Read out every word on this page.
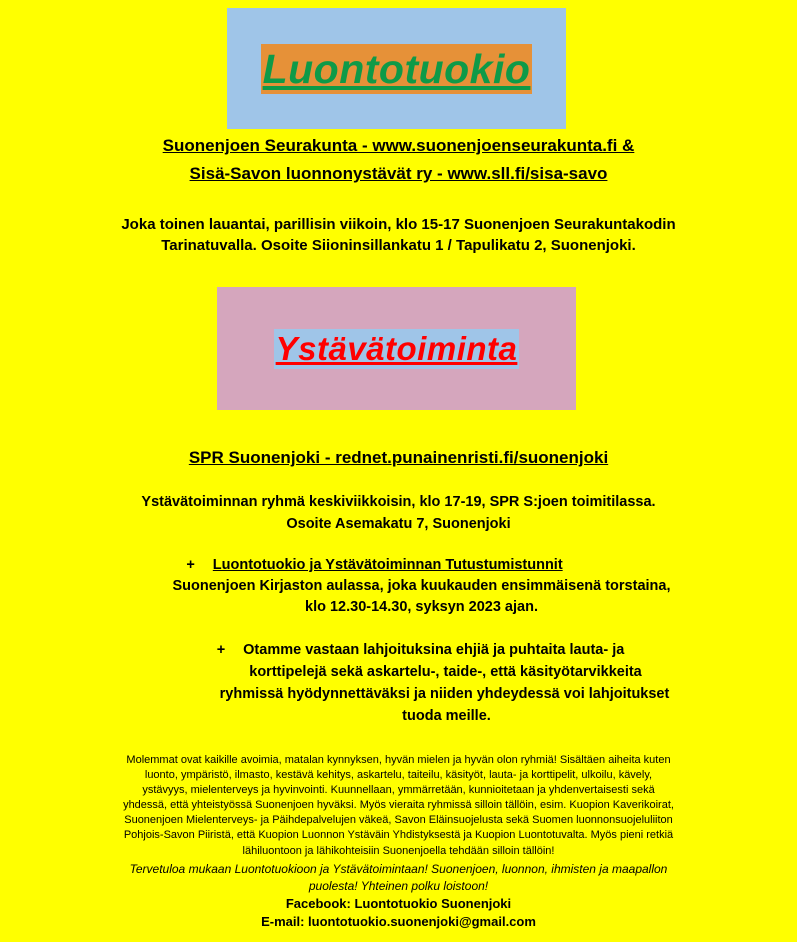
Luontotuokio
Suonenjoen Seurakunta - www.suonenjoenseurakunta.fi &
Sisä-Savon luonnonystävät ry - www.sll.fi/sisa-savo
Joka toinen lauantai, parillisin viikoin, klo 15-17 Suonenjoen Seurakuntakodin
Tarinatuvalla. Osoite Siioninsillankatu 1 / Tapulikatu 2, Suonenjoki.
Ystävätoiminta
SPR Suonenjoki - rednet.punainenristi.fi/suonenjoki
Ystävätoiminnan ryhmä keskiviikkoisin, klo 17-19, SPR S:joen toimitilassa.
Osoite Asemakatu 7, Suonenjoki
+ Luontotuokio ja Ystävätoiminnan Tutustumistunnit
Suonenjoen Kirjaston aulassa, joka kuukauden ensimmäisenä torstaina,
klo 12.30-14.30, syksyn 2023 ajan.
+ Otamme vastaan lahjoituksina ehjiä ja puhtaita lauta- ja
korttipelejä sekä askartelu-, taide-, että käsityötarvikkeita
ryhmissä hyödynnettäväksi ja niiden yhdeydessä voi lahjoitukset
tuoda meille.
Molemmat ovat kaikille avoimia, matalan kynnyksen, hyvän mielen ja hyvän olon ryhmiä! Sisältäen aiheita kuten
luonto, ympäristö, ilmasto, kestävä kehitys, askartelu, taiteilu, käsityöt, lauta- ja korttipelit, ulkoilu, kävely,
ystävyys, mielenterveys ja hyvinvointi. Kuunnellaan, ymmärretään, kunnioitetaan ja yhdenvertaisesti sekä
yhdessä, että yhteistyössä Suonenjoen hyväksi. Myös vieraita ryhmissä silloin tällöin, esim. Kuopion Kaverikoirat,
Suonenjoen Mielenterveys- ja Päihdepalvelujen väkeä, Savon Eläinsuojelusta sekä Suomen luonnonsuojeluliiton
Pohjois-Savon Piiristä, että Kuopion Luonnon Ystäväin Yhdistyksestä ja Kuopion Luontotuvalta. Myös pieni retkiä
lähiluontoon ja lähikohteisiin Suonenjoella tehdään silloin tällöin!
Tervetuloa mukaan Luontotuokioon ja Ystävätoimintaan! Suonenjoen, luonnon, ihmisten ja maapallon
puolesta! Yhteinen polku loistoon!
Facebook: Luontotuokio Suonenjoki
E-mail: luontotuokio.suonenjoki@gmail.com
